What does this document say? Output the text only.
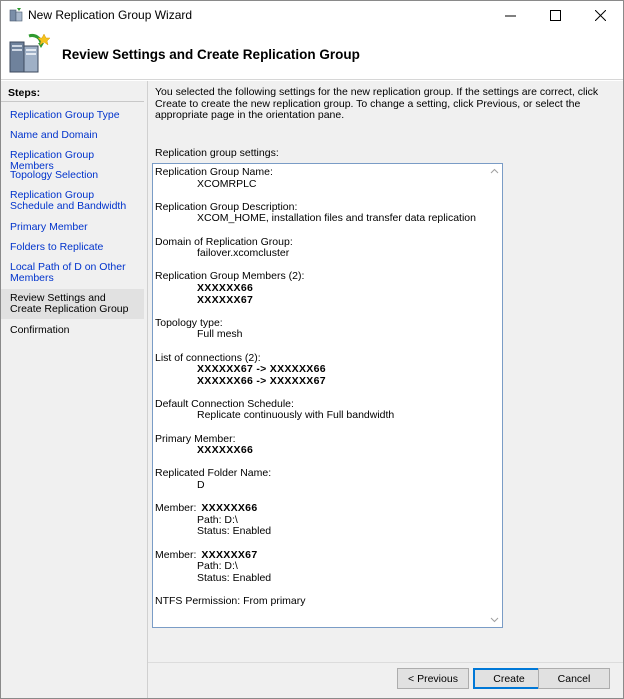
New Replication Group Wizard
Review Settings and Create Replication Group
Steps:
Replication Group Type
Name and Domain
Replication Group Members
Topology Selection
Replication Group Schedule and Bandwidth
Primary Member
Folders to Replicate
Local Path of D on Other Members
Review Settings and Create Replication Group
Confirmation
You selected the following settings for the new replication group. If the settings are correct, click Create to create the new replication group. To change a setting, click Previous, or select the appropriate page in the orientation pane.
Replication group settings:
Replication Group Name:
XCOMRPLC
Replication Group Description:
XCOM_HOME, installation files and transfer data replication
Domain of Replication Group:
failover.xcomcluster
Replication Group Members (2):
XXXXXX66
XXXXXX67
Topology type:
Full mesh
List of connections (2):
XXXXXX67 -> XXXXXX66
XXXXXX66 -> XXXXXX67
Default Connection Schedule:
Replicate continuously with Full bandwidth
Primary Member:
XXXXXX66
Replicated Folder Name:
D
Member: XXXXXX66
Path: D:\
Status: Enabled
Member: XXXXXX67
Path: D:\
Status: Enabled
NTFS Permission: From primary
< Previous	Create	Cancel
